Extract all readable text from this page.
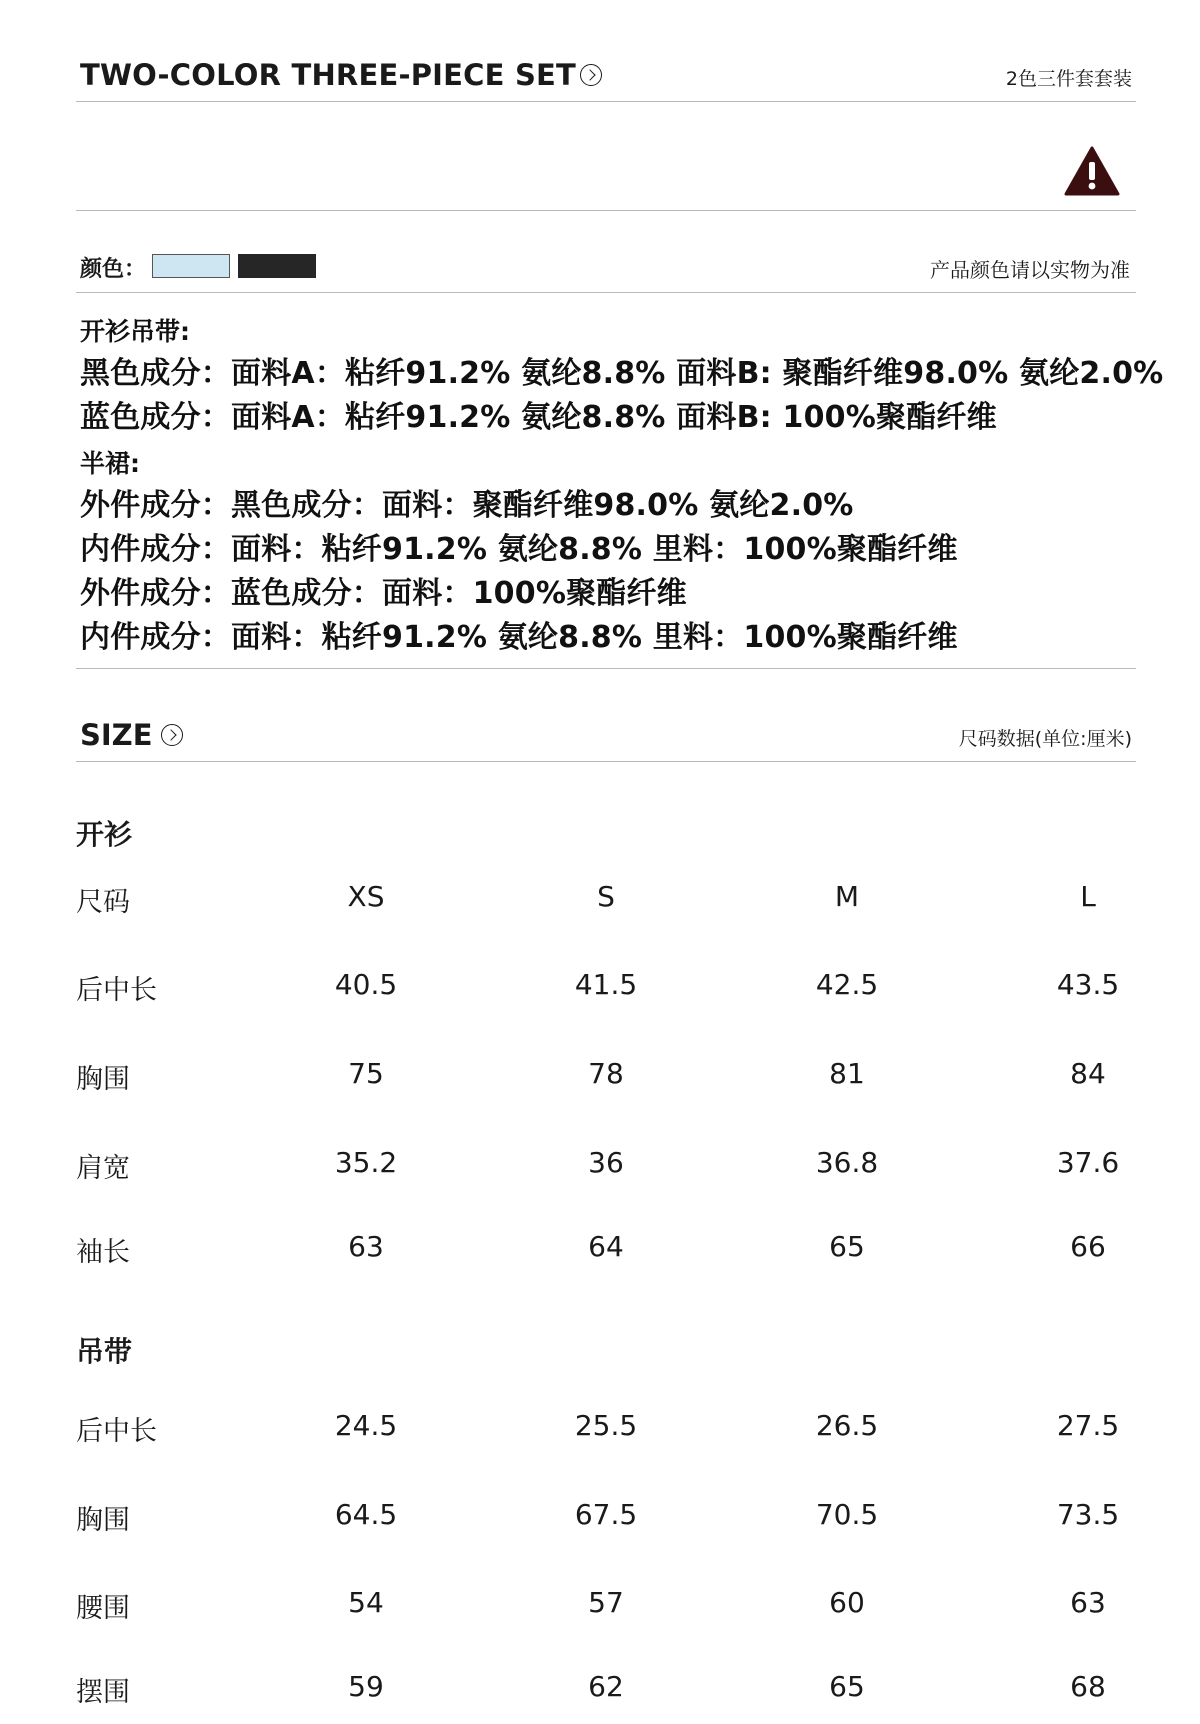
TWO-COLOR THREE-PIECE SET	2色三件套套装
颜色：	产品颜色请以实物为准
开衫吊带:
黑色成分：面料A：粘纤91.2% 氨纶8.8% 面料B: 聚酯纤维98.0% 氨纶2.0%
蓝色成分：面料A：粘纤91.2% 氨纶8.8% 面料B: 100%聚酯纤维
半裙:
外件成分：黑色成分：面料：聚酯纤维98.0% 氨纶2.0%
内件成分：面料：粘纤91.2% 氨纶8.8% 里料：100%聚酯纤维
外件成分：蓝色成分：面料：100%聚酯纤维
内件成分：面料：粘纤91.2% 氨纶8.8% 里料：100%聚酯纤维
SIZE	尺码数据(单位:厘米)
开衫
尺码	XS	S	M	L
后中长	40.5	41.5	42.5	43.5
胸围	75	78	81	84
肩宽	35.2	36	36.8	37.6
袖长	63	64	65	66
吊带
后中长	24.5	25.5	26.5	27.5
胸围	64.5	67.5	70.5	73.5
腰围	54	57	60	63
摆围	59	62	65	68
